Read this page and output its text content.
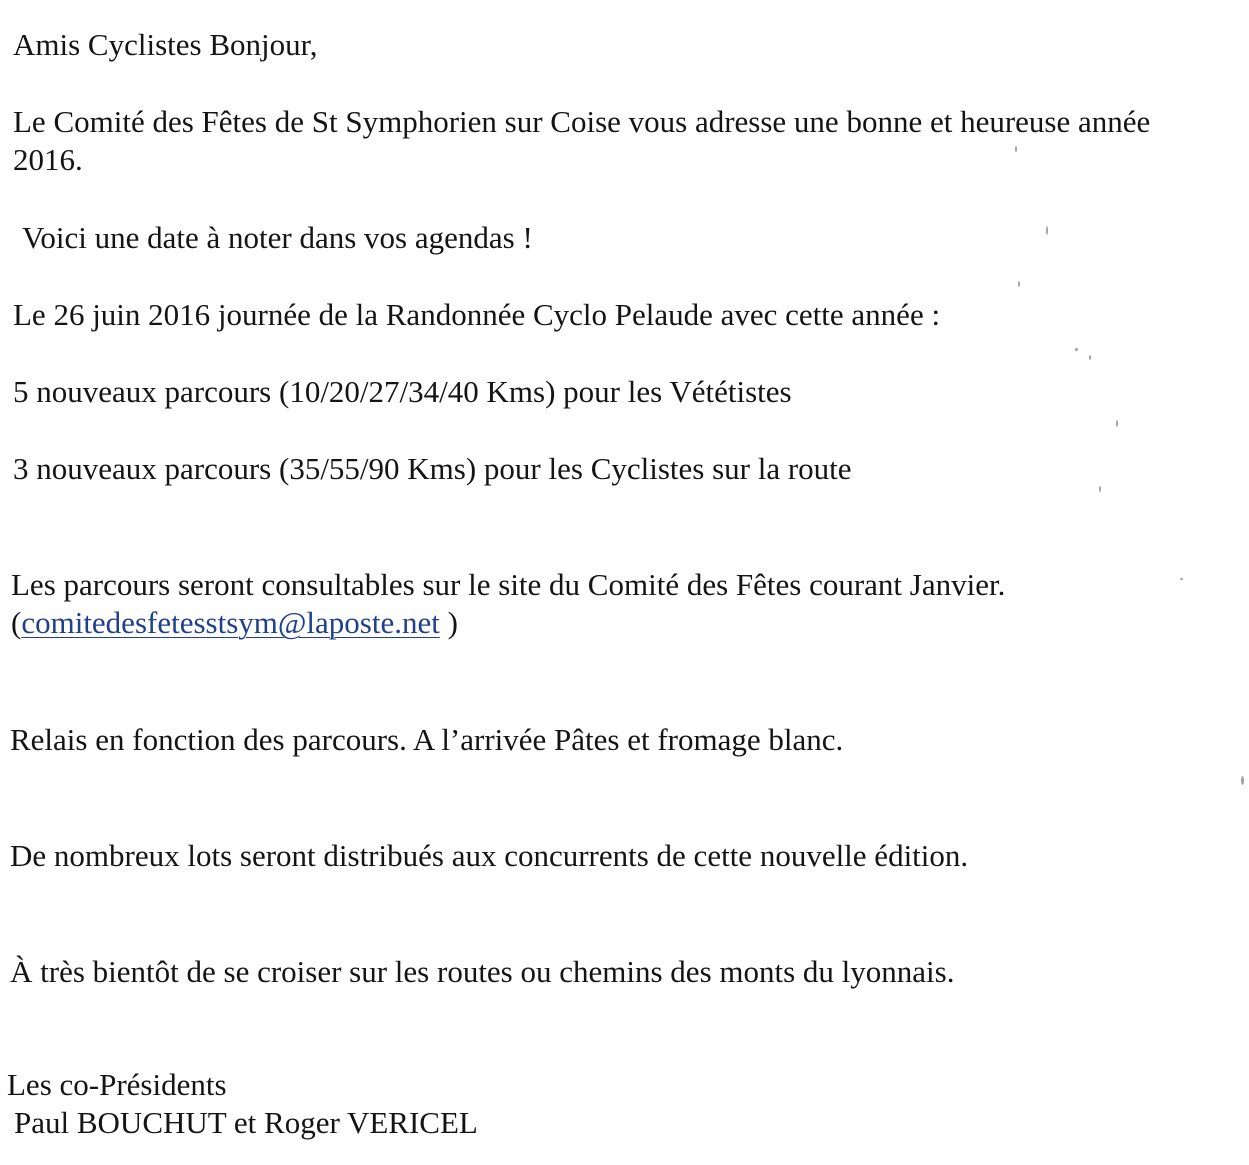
Amis Cyclistes Bonjour,
Le Comité des Fêtes de St Symphorien sur Coise vous adresse une bonne et heureuse année
2016.
Voici une date à noter dans vos agendas !
Le 26 juin 2016 journée de la Randonnée Cyclo Pelaude avec cette année :
5 nouveaux parcours (10/20/27/34/40 Kms) pour les Vététistes
3 nouveaux parcours (35/55/90 Kms) pour les Cyclistes sur la route
Les parcours seront consultables sur le site du Comité des Fêtes courant Janvier.
(comitedesfetesstsym@laposte.net )
Relais en fonction des parcours. A l’arrivée Pâtes et fromage blanc.
De nombreux lots seront distribués aux concurrents de cette nouvelle édition.
À très bientôt de se croiser sur les routes ou chemins des monts du lyonnais.
Les co-Présidents
Paul BOUCHUT et Roger VERICEL
